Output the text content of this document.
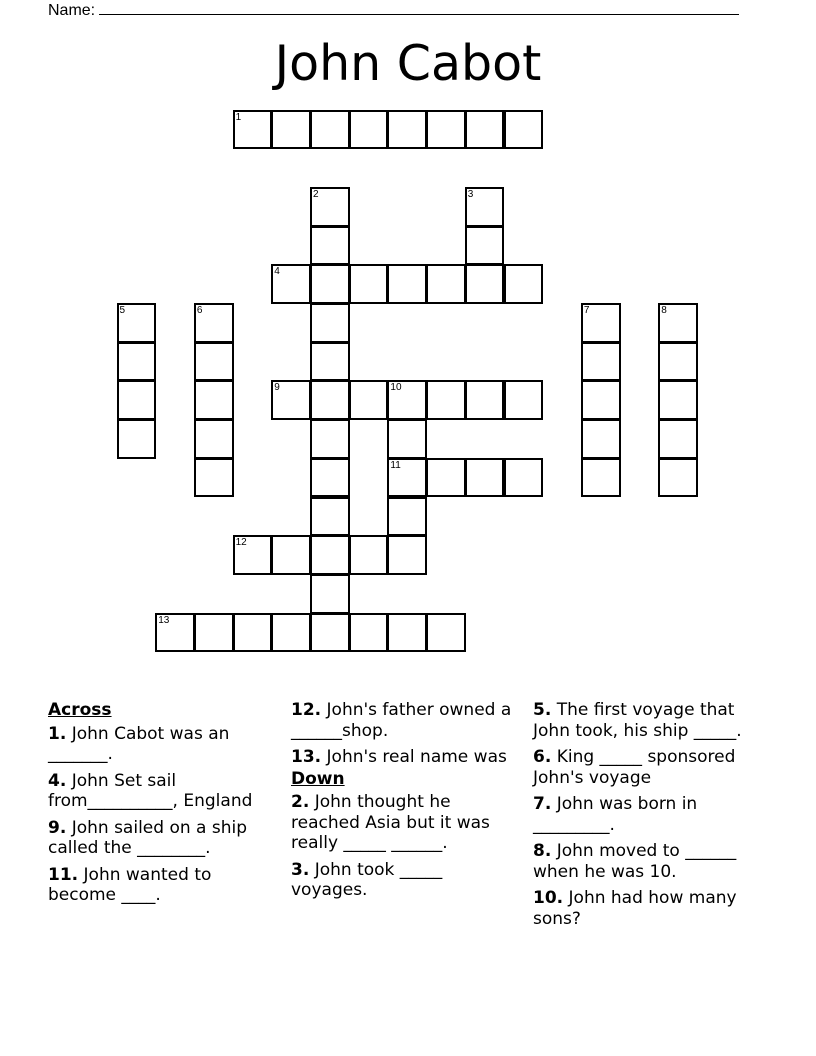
Name:
John Cabot
1
2	3
4
5	6	7	8
9	10
11
12
13

Across

1. John Cabot was an _______.

4. John Set sail from__________, England

9. John sailed on a ship called the ________.

11. John wanted to become ____.

12. John's father owned a ______shop.

13. John's real name was

Down

2. John thought he reached Asia but it was really _____ ______.

3. John took _____ voyages.

5. The first voyage that John took, his ship _____.

6. King _____ sponsored John's voyage

7. John was born in _________.

8. John moved to ______ when he was 10.

10. John had how many sons?
